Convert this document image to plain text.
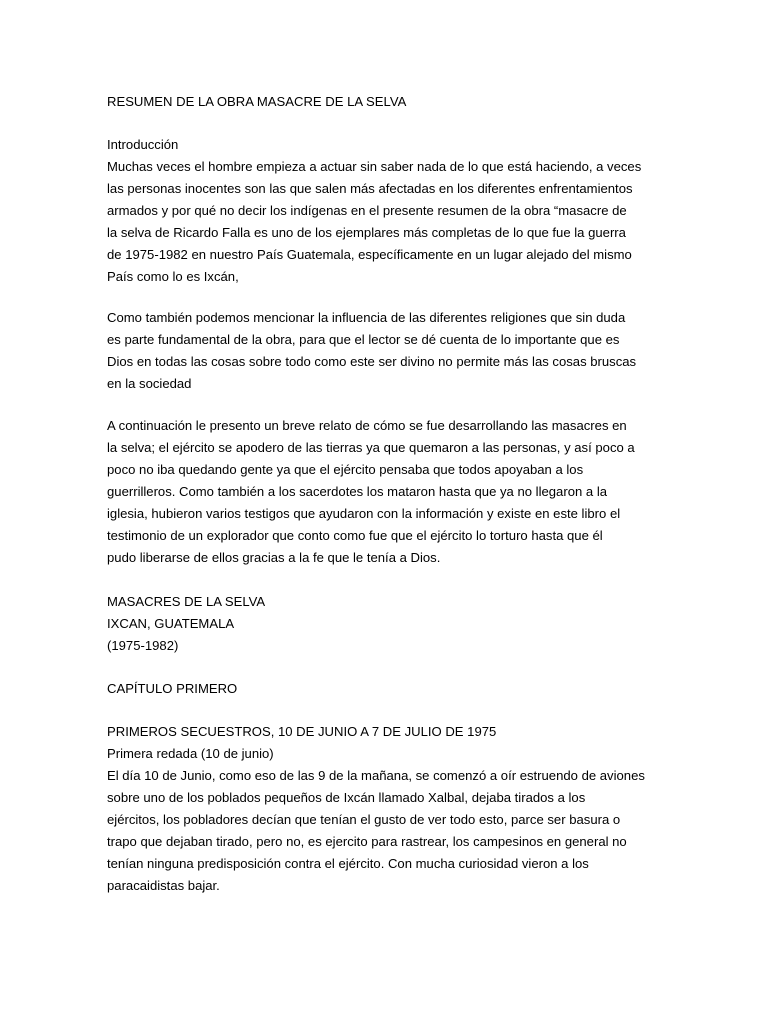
RESUMEN DE LA OBRA MASACRE DE LA SELVA
Introducción
Muchas veces el hombre empieza a actuar sin saber nada de lo que está haciendo, a veces
las personas inocentes son las que salen más afectadas en los diferentes enfrentamientos
armados y por qué no decir los indígenas en el presente resumen de la obra “masacre de
la selva de Ricardo Falla es uno de los ejemplares más completas de lo que fue la guerra
de 1975-1982 en nuestro País Guatemala, específicamente en un lugar alejado del mismo
País como lo es Ixcán,
Como también podemos mencionar la influencia de las diferentes religiones que sin duda
es parte fundamental de la obra, para que el lector se dé cuenta de lo importante que es
Dios en todas las cosas sobre todo como este ser divino no permite más las cosas bruscas
en la sociedad
A continuación le presento un breve relato de cómo se fue desarrollando las masacres en
la selva; el ejército se apodero de las tierras ya que quemaron a las personas, y así poco a
poco no iba quedando gente ya que el ejército pensaba que todos apoyaban a los
guerrilleros. Como también a los sacerdotes los mataron hasta que ya no llegaron a la
iglesia, hubieron varios testigos que ayudaron con la información y existe en este libro el
testimonio de un explorador que conto como fue que el ejército lo torturo hasta que él
pudo liberarse de ellos gracias a la fe que le tenía a Dios.
MASACRES DE LA SELVA
IXCAN, GUATEMALA
(1975-1982)
CAPÍTULO PRIMERO
PRIMEROS SECUESTROS, 10 DE JUNIO A 7 DE JULIO DE 1975
Primera redada (10 de junio)
El día 10 de Junio, como eso de las 9 de la mañana, se comenzó a oír estruendo de aviones
sobre uno de los poblados pequeños de Ixcán llamado Xalbal, dejaba tirados a los
ejércitos, los pobladores decían que tenían el gusto de ver todo esto, parce ser basura o
trapo que dejaban tirado, pero no, es ejercito para rastrear, los campesinos en general no
tenían ninguna predisposición contra el ejército. Con mucha curiosidad vieron a los
paracaidistas bajar.
